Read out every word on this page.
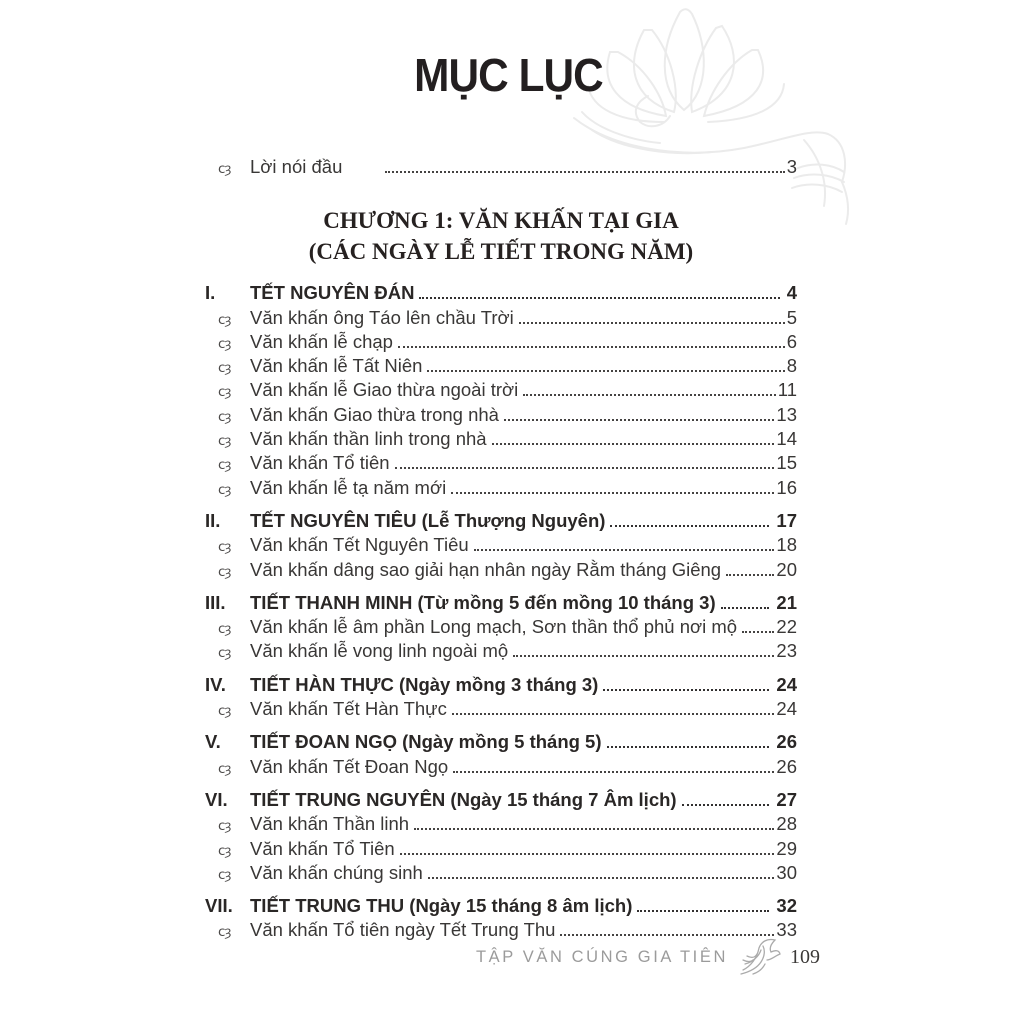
MỤC LỤC
cȝ	Lời nói đầu	3
CHƯƠNG 1: VĂN KHẤN TẠI GIA
(CÁC NGÀY LỄ TIẾT TRONG NĂM)
I.	TẾT NGUYÊN ĐÁN	4
cȝ	Văn khấn ông Táo lên chầu Trời	5
cȝ	Văn khấn lễ chạp	6
cȝ	Văn khấn lễ Tất Niên	8
cȝ	Văn khấn lễ Giao thừa ngoài trời	11
cȝ	Văn khấn Giao thừa trong nhà	13
cȝ	Văn khấn thần linh trong nhà	14
cȝ	Văn khấn Tổ tiên	15
cȝ	Văn khấn lễ tạ năm mới	16
II.	TẾT NGUYÊN TIÊU (Lễ Thượng Nguyên)	17
cȝ	Văn khấn Tết Nguyên Tiêu	18
cȝ	Văn khấn dâng sao giải hạn nhân ngày Rằm tháng Giêng	20
III.	TIẾT THANH MINH (Từ mồng 5 đến mồng 10 tháng 3)	21
cȝ	Văn khấn lễ âm phần Long mạch, Sơn thần thổ phủ nơi mộ 22
cȝ	Văn khấn lễ vong linh ngoài mộ	23
IV.	TIẾT HÀN THỰC (Ngày mồng 3 tháng 3)	24
cȝ	Văn khấn Tết Hàn Thực	24
V.	TIẾT ĐOAN NGỌ (Ngày mồng 5 tháng 5)	26
cȝ	Văn khấn Tết Đoan Ngọ	26
VI.	TIẾT TRUNG NGUYÊN (Ngày 15 tháng 7 Âm lịch)	27
cȝ	Văn khấn Thần linh	28
cȝ	Văn khấn Tổ Tiên	29
cȝ	Văn khấn chúng sinh	30
VII. TIẾT TRUNG THU (Ngày 15 tháng 8 âm lịch)	32
cȝ	Văn khấn Tổ tiên ngày Tết Trung Thu	33
TẬP VĂN CÚNG GIA TIÊN	109
